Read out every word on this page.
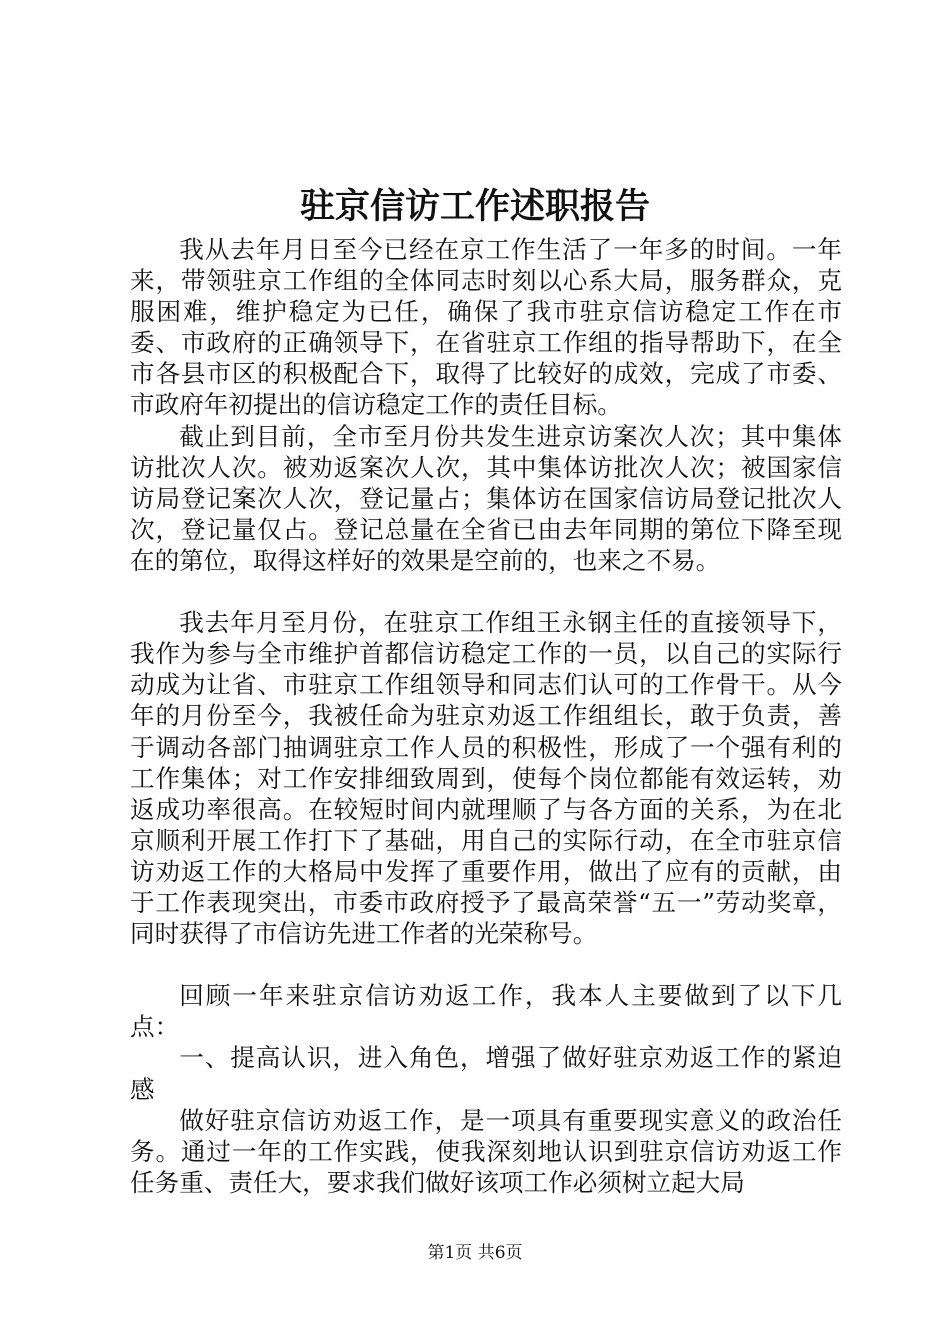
驻京信访工作述职报告

我从去年月日至今已经在京工作生活了一年多的时间。一年来，带领驻京工作组的全体同志时刻以心系大局，服务群众，克服困难，维护稳定为已任，确保了我市驻京信访稳定工作在市委、市政府的正确领导下，在省驻京工作组的指导帮助下，在全市各县市区的积极配合下，取得了比较好的成效，完成了市委、市政府年初提出的信访稳定工作的责任目标。

截止到目前，全市至月份共发生进京访案次人次；其中集体访批次人次。被劝返案次人次，其中集体访批次人次；被国家信访局登记案次人次，登记量占；集体访在国家信访局登记批次人次，登记量仅占。登记总量在全省已由去年同期的第位下降至现在的第位，取得这样好的效果是空前的，也来之不易。

我去年月至月份，在驻京工作组王永钢主任的直接领导下，我作为参与全市维护首都信访稳定工作的一员，以自己的实际行动成为让省、市驻京工作组领导和同志们认可的工作骨干。从今年的月份至今，我被任命为驻京劝返工作组组长，敢于负责，善于调动各部门抽调驻京工作人员的积极性，形成了一个强有利的工作集体；对工作安排细致周到，使每个岗位都能有效运转，劝返成功率很高。在较短时间内就理顺了与各方面的关系，为在北京顺利开展工作打下了基础，用自己的实际行动，在全市驻京信访劝返工作的大格局中发挥了重要作用，做出了应有的贡献，由于工作表现突出，市委市政府授予了最高荣誉“五一”劳动奖章，同时获得了市信访先进工作者的光荣称号。

回顾一年来驻京信访劝返工作，我本人主要做到了以下几点：

一、提高认识，进入角色，增强了做好驻京劝返工作的紧迫感

做好驻京信访劝返工作，是一项具有重要现实意义的政治任务。通过一年的工作实践，使我深刻地认识到驻京信访劝返工作任务重、责任大，要求我们做好该项工作必须树立起大局

第1页 共6页
